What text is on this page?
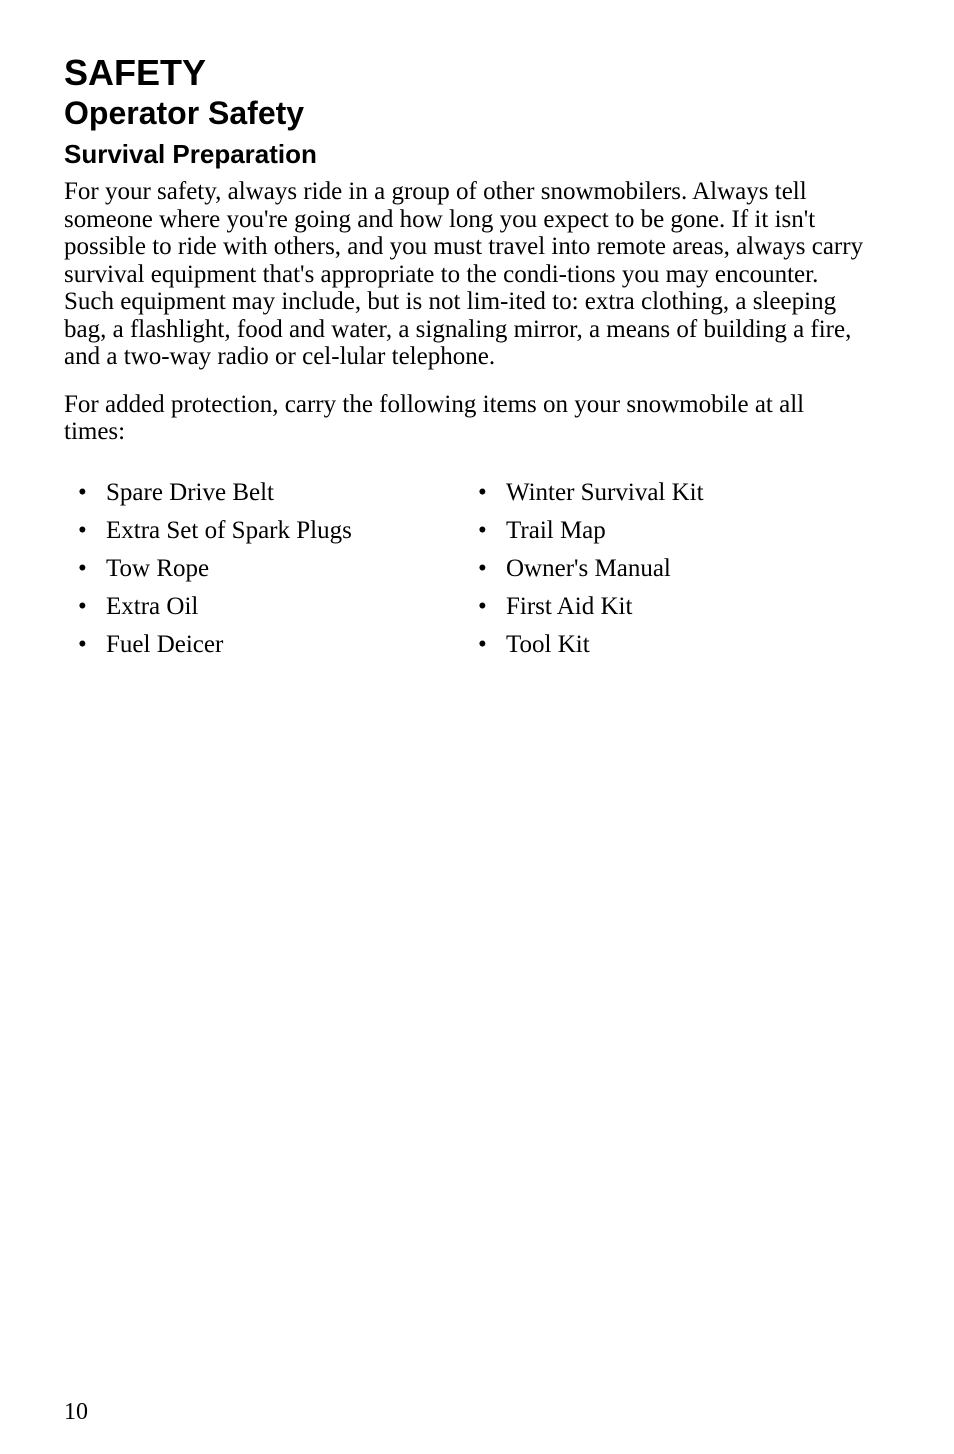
SAFETY
Operator Safety
Survival Preparation

For your safety, always ride in a group of other snowmobilers. Always tell someone where you're going and how long you expect to be gone. If it isn't possible to ride with others, and you must travel into remote areas, always carry survival equipment that's appropriate to the condi-tions you may encounter. Such equipment may include, but is not lim-ited to: extra clothing, a sleeping bag, a flashlight, food and water, a signaling mirror, a means of building a fire, and a two-way radio or cel-lular telephone.

For added protection, carry the following items on your snowmobile at all times:

• Spare Drive Belt
• Extra Set of Spark Plugs
• Tow Rope
• Extra Oil
• Fuel Deicer
• Winter Survival Kit
• Trail Map
• Owner's Manual
• First Aid Kit
• Tool Kit
10
